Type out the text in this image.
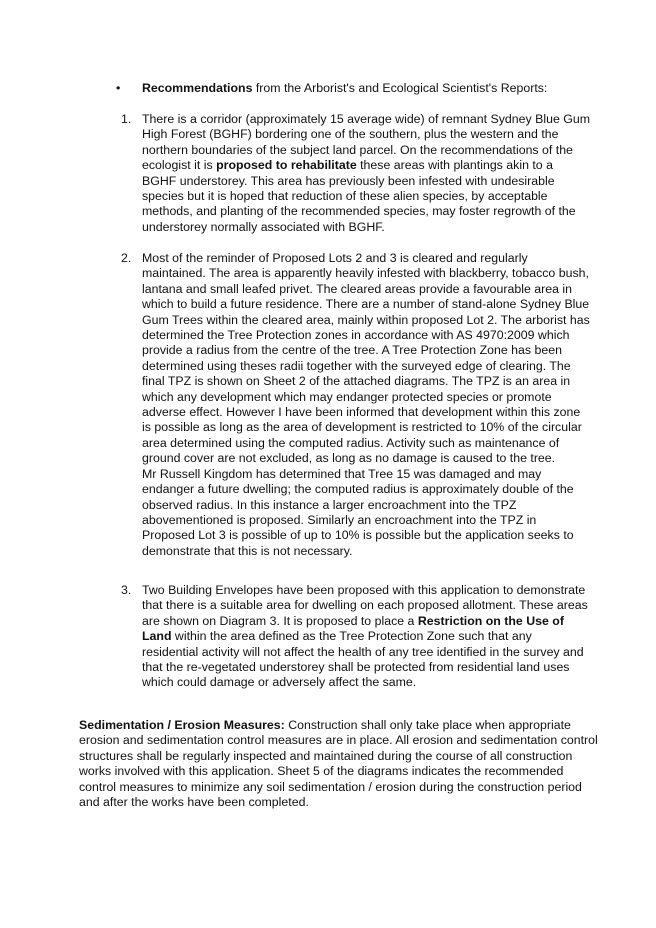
•	Recommendations from the Arborist's and Ecological Scientist's Reports:
1. There is a corridor (approximately 15 average wide) of remnant Sydney Blue Gum High Forest (BGHF) bordering one of the southern, plus the western and the northern boundaries of the subject land parcel. On the recommendations of the ecologist it is proposed to rehabilitate these areas with plantings akin to a BGHF understorey. This area has previously been infested with undesirable species but it is hoped that reduction of these alien species, by acceptable methods, and planting of the recommended species, may foster regrowth of the understorey normally associated with BGHF.

2. Most of the reminder of Proposed Lots 2 and 3 is cleared and regularly maintained. The area is apparently heavily infested with blackberry, tobacco bush, lantana and small leafed privet. The cleared areas provide a favourable area in which to build a future residence. There are a number of stand-alone Sydney Blue Gum Trees within the cleared area, mainly within proposed Lot 2. The arborist has determined the Tree Protection zones in accordance with AS 4970:2009 which provide a radius from the centre of the tree. A Tree Protection Zone has been determined using theses radii together with the surveyed edge of clearing. The final TPZ is shown on Sheet 2 of the attached diagrams. The TPZ is an area in which any development which may endanger protected species or promote adverse effect. However I have been informed that development within this zone is possible as long as the area of development is restricted to 10% of the circular area determined using the computed radius. Activity such as maintenance of ground cover are not excluded, as long as no damage is caused to the tree.

Mr Russell Kingdom has determined that Tree 15 was damaged and may endanger a future dwelling; the computed radius is approximately double of the observed radius. In this instance a larger encroachment into the TPZ abovementioned is proposed. Similarly an encroachment into the TPZ in Proposed Lot 3 is possible of up to 10% is possible but the application seeks to demonstrate that this is not necessary.

3. Two Building Envelopes have been proposed with this application to demonstrate that there is a suitable area for dwelling on each proposed allotment. These areas are shown on Diagram 3. It is proposed to place a Restriction on the Use of Land within the area defined as the Tree Protection Zone such that any residential activity will not affect the health of any tree identified in the survey and that the re-vegetated understorey shall be protected from residential land uses which could damage or adversely affect the same.

Sedimentation / Erosion Measures: Construction shall only take place when appropriate erosion and sedimentation control measures are in place. All erosion and sedimentation control structures shall be regularly inspected and maintained during the course of all construction works involved with this application. Sheet 5 of the diagrams indicates the recommended control measures to minimize any soil sedimentation / erosion during the construction period and after the works have been completed.
